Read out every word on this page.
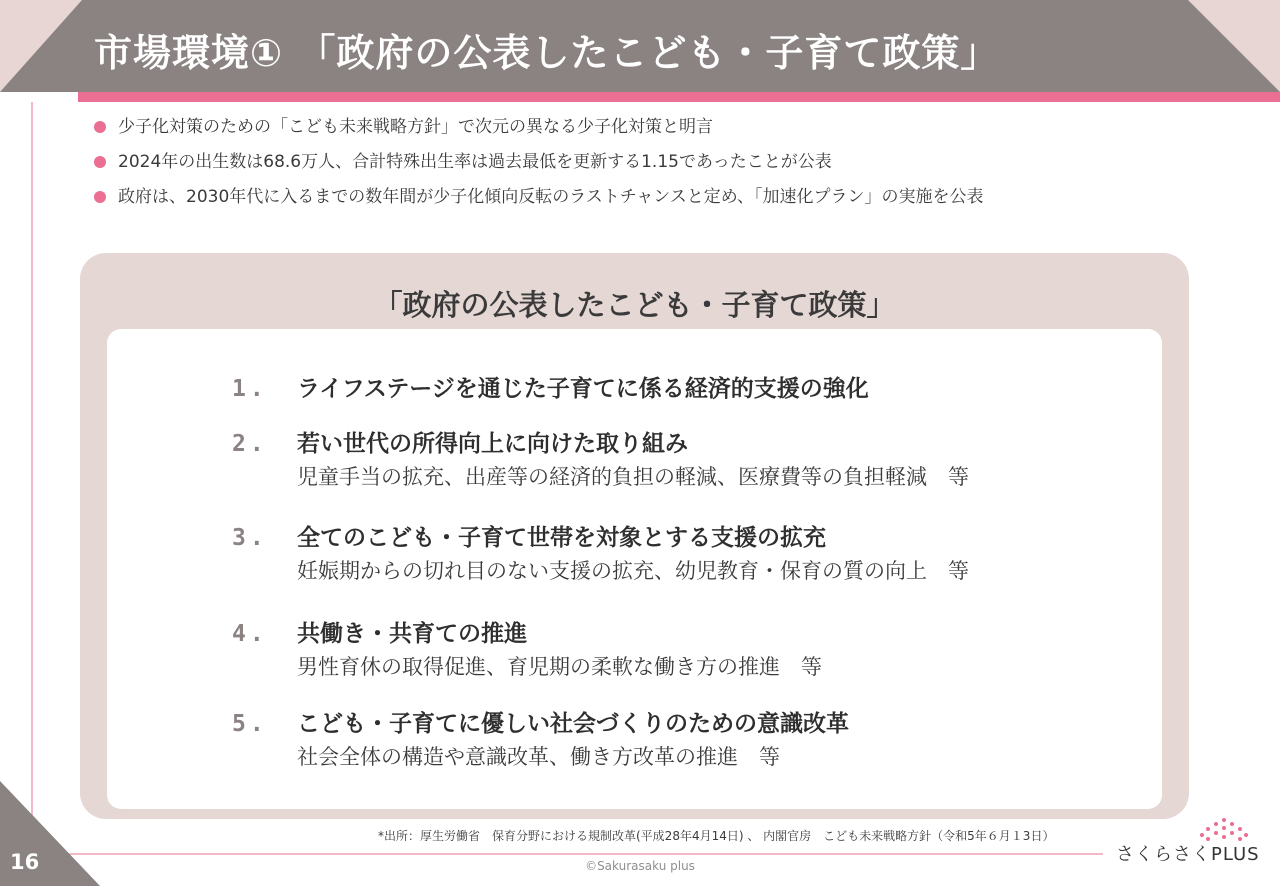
市場環境① 「政府の公表したこども・子育て政策」
少子化対策のための「こども未来戦略方針」で次元の異なる少子化対策と明言
2024年の出生数は68.6万人、合計特殊出生率は過去最低を更新する1.15であったことが公表
政府は、2030年代に入るまでの数年間が少子化傾向反転のラストチャンスと定め、「加速化プラン」の実施を公表
「政府の公表したこども・子育て政策」
1. ライフステージを通じた子育てに係る経済的支援の強化
2. 若い世代の所得向上に向けた取り組み
児童手当の拡充、出産等の経済的負担の軽減、医療費等の負担軽減　等
3. 全てのこども・子育て世帯を対象とする支援の拡充
妊娠期からの切れ目のない支援の拡充、幼児教育・保育の質の向上　等
4. 共働き・共育ての推進
男性育休の取得促進、育児期の柔軟な働き方の推進　等
5. こども・子育てに優しい社会づくりのための意識改革
社会全体の構造や意識改革、働き方改革の推進　等
*出所：厚生労働省　保育分野における規制改革(平成28年4月14日) 、 内閣官房　こども未来戦略方針（令和5年６月１3日）
©Sakurasaku plus
16	さくらさくPLUS
